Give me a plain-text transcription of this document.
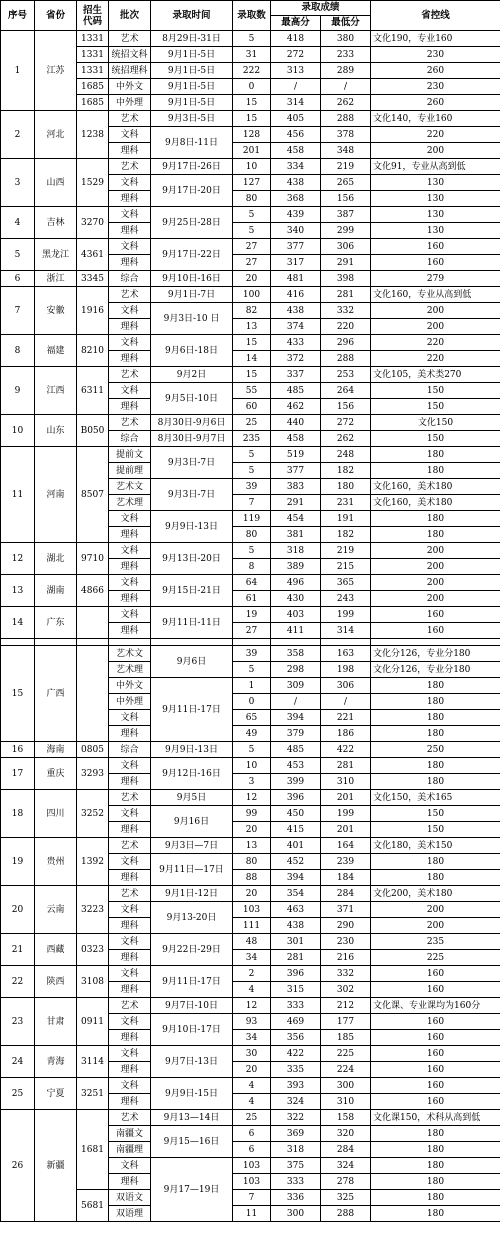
序号	省份	招生
代码	批次	录取时间	录取数	录取成绩		省控线
						最高分	最低分	
1	江苏	1331	艺术	8月29日-31日	5	418	380	文化190，专业160
		1331	统招文科	9月1日-5日	31	272	233	230
		1331	统招理科	9月1日-5日	222	313	289	260
		1685	中外文	9月1日-5日	0	/	/	230
		1685	中外理	9月1日-5日	15	314	262	260
2	河北	1238	艺术	9月3日-5日	15	405	288	文化140，专业160
			文科	9月8日-11日	128	456	378	220
			理科		201	458	348	200
3	山西	1529	艺术	9月17日-26日	10	334	219	文化91，专业从高到低
			文科	9月17日-20日	127	438	265	130
			理科		80	368	156	130
4	吉林	3270	文科	9月25日-28日	5	439	387	130
			理科		5	340	299	130
5	黑龙江	4361	文科	9月17日-22日	27	377	306	160
			理科		27	317	291	160
6	浙江	3345	综合	9月10日-16日	20	481	398	279
7	安徽	1916	艺术	9月1日-7日	100	416	281	文化160，专业从高到低
			文科	9月3日-10 日	82	438	332	200
			理科		13	374	220	200
8	福建	8210	文科	9月6日-18日	15	433	296	220
			理科		14	372	288	220
9	江西	6311	艺术	9月2日	15	337	253	文化105，美术类270
			文科	9月5日-10日	55	485	264	150
			理科		60	462	156	150
10	山东	B050	艺术	8月30日-9月6日	25	440	272	文化150
			综合	8月30日-9月7日	235	458	262	150
11	河南	8507	提前文	9月3日-7日	5	519	248	180
			提前理		5	377	182	180
			艺术文	9月3日-7日	39	383	180	文化160，美术180
			艺术理		7	291	231	文化160，美术180
			文科	9月9日-13日	119	454	191	180
			理科		80	381	182	180
12	湖北	9710	文科	9月13日-20日	5	318	219	200
			理科		8	389	215	200
13	湖南	4866	文科	9月15日-21日	64	496	365	200
			理科		61	430	243	200
14	广东		文科	9月11日-11日	19	403	199	160
			理科		27	411	314	160

15	广西		艺术文	9月6日	39	358	163	文化分126，专业分180
			艺术理		5	298	198	文化分126，专业分180
			中外文	9月11日-17日	1	309	306	180
			中外理		0	/	/	180
			文科		65	394	221	180
			理科		49	379	186	180
16	海南	0805	综合	9月9日-13日	5	485	422	250
17	重庆	3293	文科	9月12日-16日	10	453	281	180
			理科		3	399	310	180
18	四川	3252	艺术	9月5日	12	396	201	文化150，美术165
			文科	9月16日	99	450	199	150
			理科		20	415	201	150
19	贵州	1392	艺术	9月3日—7日	13	401	164	文化180，美术150
			文科	9月11日—17日	80	452	239	180
			理科		88	394	184	180
20	云南	3223	艺术	9月1日-12日	20	354	284	文化200，美术180
			文科	9月13-20日	103	463	371	200
			理科		111	438	290	200
21	西藏	0323	文科	9月22日-29日	48	301	230	235
			理科		34	281	216	225
22	陕西	3108	文科	9月11日-17日	2	396	332	160
			理科		4	315	302	160
23	甘肃	0911	艺术	9月7日-10日	12	333	212	文化课、专业课均为160分
			文科	9月10日-17日	93	469	177	160
			理科		34	356	185	160
24	青海	3114	文科	9月7日-13日	30	422	225	160
			理科		20	335	224	160
25	宁夏	3251	文科	9月9日-15日	4	393	300	160
			理科		4	324	310	160
26	新疆	1681	艺术	9月13—14日	25	322	158	文化课150，术科从高到低
			南疆文	9月15—16日	6	369	320	180
			南疆理		6	318	284	180
			文科	9月17—19日	103	375	324	180
			理科		103	333	278	180
		5681	双语文		7	336	325	180
			双语理		11	300	288	180
